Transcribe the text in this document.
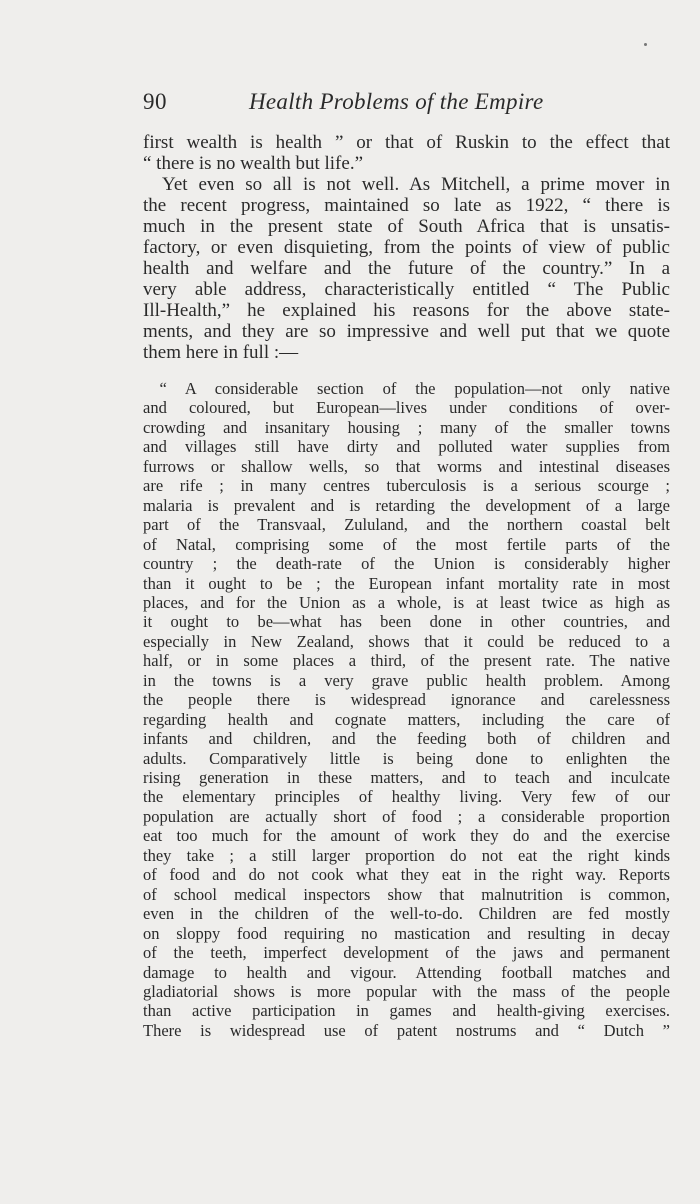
90	Health Problems of the Empire
first wealth is health ” or that of Ruskin to the effect that
“ there is no wealth but life.”
 Yet even so all is not well. As Mitchell, a prime mover in
the recent progress, maintained so late as 1922, “ there is
much in the present state of South Africa that is unsatis-
factory, or even disquieting, from the points of view of public
health and welfare and the future of the country.” In a
very able address, characteristically entitled “ The Public
Ill-Health,” he explained his reasons for the above state-
ments, and they are so impressive and well put that we quote
them here in full :—
 “ A considerable section of the population—not only native
and coloured, but European—lives under conditions of over-
crowding and insanitary housing ; many of the smaller towns
and villages still have dirty and polluted water supplies from
furrows or shallow wells, so that worms and intestinal diseases
are rife ; in many centres tuberculosis is a serious scourge ;
malaria is prevalent and is retarding the development of a large
part of the Transvaal, Zululand, and the northern coastal belt
of Natal, comprising some of the most fertile parts of the
country ; the death-rate of the Union is considerably higher
than it ought to be ; the European infant mortality rate in most
places, and for the Union as a whole, is at least twice as high as
it ought to be—what has been done in other countries, and
especially in New Zealand, shows that it could be reduced to a
half, or in some places a third, of the present rate. The native
in the towns is a very grave public health problem. Among
the people there is widespread ignorance and carelessness
regarding health and cognate matters, including the care of
infants and children, and the feeding both of children and
adults. Comparatively little is being done to enlighten the
rising generation in these matters, and to teach and inculcate
the elementary principles of healthy living. Very few of our
population are actually short of food ; a considerable proportion
eat too much for the amount of work they do and the exercise
they take ; a still larger proportion do not eat the right kinds
of food and do not cook what they eat in the right way. Reports
of school medical inspectors show that malnutrition is common,
even in the children of the well-to-do. Children are fed mostly
on sloppy food requiring no mastication and resulting in decay
of the teeth, imperfect development of the jaws and permanent
damage to health and vigour. Attending football matches and
gladiatorial shows is more popular with the mass of the people
than active participation in games and health-giving exercises.
There is widespread use of patent nostrums and “ Dutch ”
